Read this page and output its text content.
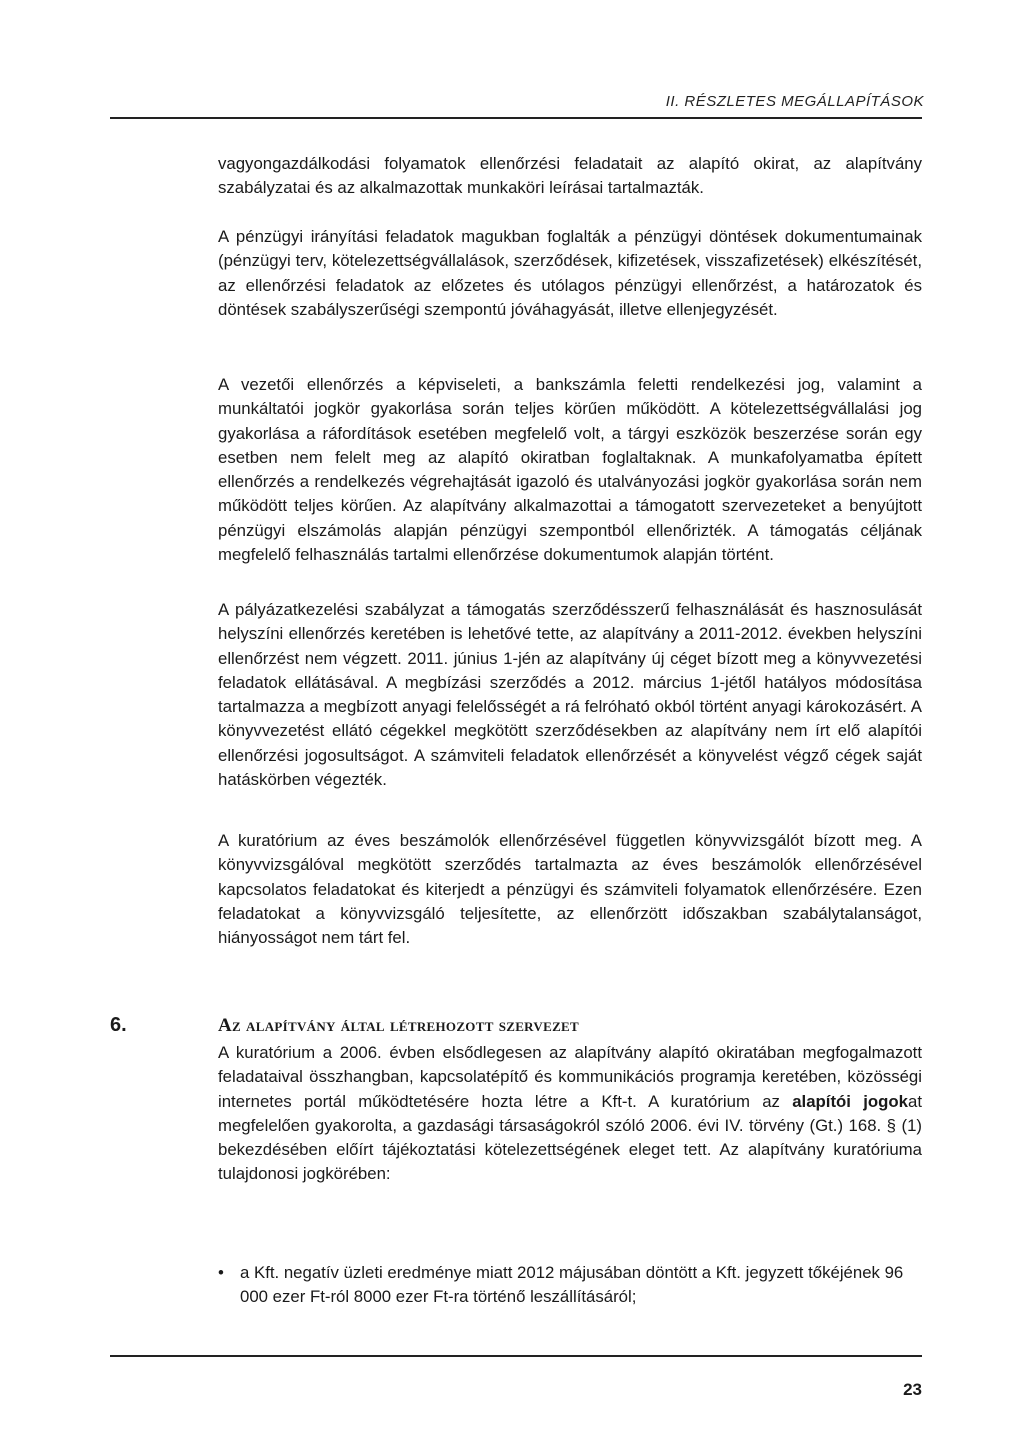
II. RÉSZLETES MEGÁLLAPÍTÁSOK

vagyongazdálkodási folyamatok ellenőrzési feladatait az alapító okirat, az alapítvány szabályzatai és az alkalmazottak munkaköri leírásai tartalmazták.

A pénzügyi irányítási feladatok magukban foglalták a pénzügyi döntések dokumentumainak (pénzügyi terv, kötelezettségvállalások, szerződések, kifizetések, visszafizetések) elkészítését, az ellenőrzési feladatok az előzetes és utólagos pénzügyi ellenőrzést, a határozatok és döntések szabályszerűségi szempontú jóváhagyását, illetve ellenjegyzését.

A vezetői ellenőrzés a képviseleti, a bankszámla feletti rendelkezési jog, valamint a munkáltatói jogkör gyakorlása során teljes körűen működött. A kötelezettségvállalási jog gyakorlása a ráfordítások esetében megfelelő volt, a tárgyi eszközök beszerzése során egy esetben nem felelt meg az alapító okiratban foglaltaknak. A munkafolyamatba épített ellenőrzés a rendelkezés végrehajtását igazoló és utalványozási jogkör gyakorlása során nem működött teljes körűen. Az alapítvány alkalmazottai a támogatott szervezeteket a benyújtott pénzügyi elszámolás alapján pénzügyi szempontból ellenőrizték. A támogatás céljának megfelelő felhasználás tartalmi ellenőrzése dokumentumok alapján történt.

A pályázatkezelési szabályzat a támogatás szerződésszerű felhasználását és hasznosulását helyszíni ellenőrzés keretében is lehetővé tette, az alapítvány a 2011-2012. években helyszíni ellenőrzést nem végzett. 2011. június 1-jén az alapítvány új céget bízott meg a könyvvezetési feladatok ellátásával. A megbízási szerződés a 2012. március 1-jétől hatályos módosítása tartalmazza a megbízott anyagi felelősségét a rá felróható okból történt anyagi károkozásért. A könyvvezetést ellátó cégekkel megkötött szerződésekben az alapítvány nem írt elő alapítói ellenőrzési jogosultságot. A számviteli feladatok ellenőrzését a könyvelést végző cégek saját hatáskörben végezték.

A kuratórium az éves beszámolók ellenőrzésével független könyvvizsgálót bízott meg. A könyvvizsgálóval megkötött szerződés tartalmazta az éves beszámolók ellenőrzésével kapcsolatos feladatokat és kiterjedt a pénzügyi és számviteli folyamatok ellenőrzésére. Ezen feladatokat a könyvvizsgáló teljesítette, az ellenőrzött időszakban szabálytalanságot, hiányosságot nem tárt fel.

6.	Az alapítvány által létrehozott szervezet

A kuratórium a 2006. évben elsődlegesen az alapítvány alapító okiratában megfogalmazott feladataival összhangban, kapcsolatépítő és kommunikációs programja keretében, közösségi internetes portál működtetésére hozta létre a Kft-t. A kuratórium az alapítói jogokat megfelelően gyakorolta, a gazdasági társaságokról szóló 2006. évi IV. törvény (Gt.) 168. § (1) bekezdésében előírt tájékoztatási kötelezettségének eleget tett. Az alapítvány kuratóriuma tulajdonosi jogkörében:

• a Kft. negatív üzleti eredménye miatt 2012 májusában döntött a Kft. jegyzett tőkéjének 96 000 ezer Ft-ról 8000 ezer Ft-ra történő leszállításáról;
23
